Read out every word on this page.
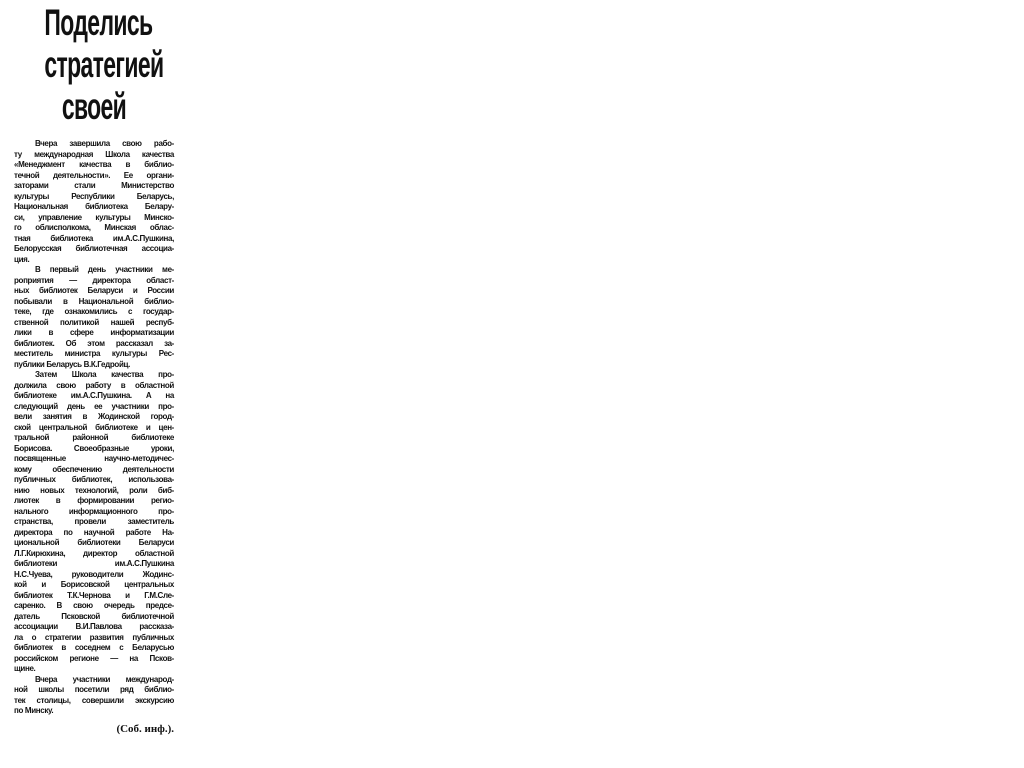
Поделись
стратегией
своей

Вчера завершила свою рабо-
ту международная Школа качества
«Менеджмент качества в библио-
течной деятельности». Ее органи-
заторами стали Министерство
культуры Республики Беларусь,
Национальная библиотека Белару-
си, управление культуры Минско-
го облисполкома, Минская облас-
тная библиотека им.А.С.Пушкина,
Белорусская библиотечная ассоциа-
ция.

В первый день участники ме-
роприятия — директора област-
ных библиотек Беларуси и России
побывали в Национальной библио-
теке, где ознакомились с государ-
ственной политикой нашей респуб-
лики в сфере информатизации
библиотек. Об этом рассказал за-
меститель министра культуры Рес-
публики Беларусь В.К.Гедройц.

Затем Школа качества про-
должила свою работу в областной
библиотеке им.А.С.Пушкина. А на
следующий день ее участники про-
вели занятия в Жодинской город-
ской центральной библиотеке и цен-
тральной районной библиотеке
Борисова. Своеобразные уроки,
посвященные научно-методичес-
кому обеспечению деятельности
публичных библиотек, использова-
нию новых технологий, роли биб-
лиотек в формировании регио-
нального информационного про-
странства, провели заместитель
директора по научной работе На-
циональной библиотеки Беларуси
Л.Г.Кирюхина, директор областной
библиотеки им.А.С.Пушкина
Н.С.Чуева, руководители Жодинс-
кой и Борисовской центральных
библиотек Т.К.Чернова и Г.М.Сле-
саренко. В свою очередь предсе-
датель Псковской библиотечной
ассоциации В.И.Павлова рассказа-
ла о стратегии развития публичных
библиотек в соседнем с Беларусью
российском регионе — на Псков-
щине.

Вчера участники международ-
ной школы посетили ряд библио-
тек столицы, совершили экскурсию
по Минску.

(Соб. инф.).
